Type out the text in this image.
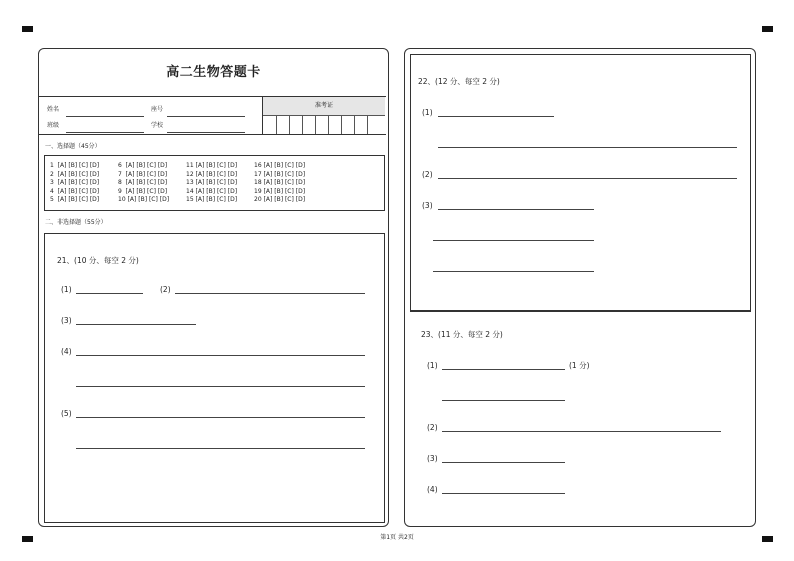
高二生物答题卡
姓名	座号
班级	学校
准考证
一、选择题（45分）
1 [A] [B] [C] [D]
2 [A] [B] [C] [D]
3 [A] [B] [C] [D]
4 [A] [B] [C] [D]
5 [A] [B] [C] [D]
6 [A] [B] [C] [D]
7 [A] [B] [C] [D]
8 [A] [B] [C] [D]
9 [A] [B] [C] [D]
10 [A] [B] [C] [D]
11 [A] [B] [C] [D]
12 [A] [B] [C] [D]
13 [A] [B] [C] [D]
14 [A] [B] [C] [D]
15 [A] [B] [C] [D]
16 [A] [B] [C] [D]
17 [A] [B] [C] [D]
18 [A] [B] [C] [D]
19 [A] [B] [C] [D]
20 [A] [B] [C] [D]
二、非选择题（55分）
21、(10 分、每空 2 分)
(1)	(2)
(3)
(4)
(5)
22、(12 分、每空 2 分)
(1)
(2)
(3)
23、(11 分、每空 2 分)
(1)	(1 分)
(2)
(3)
(4)
第1页 共2页
